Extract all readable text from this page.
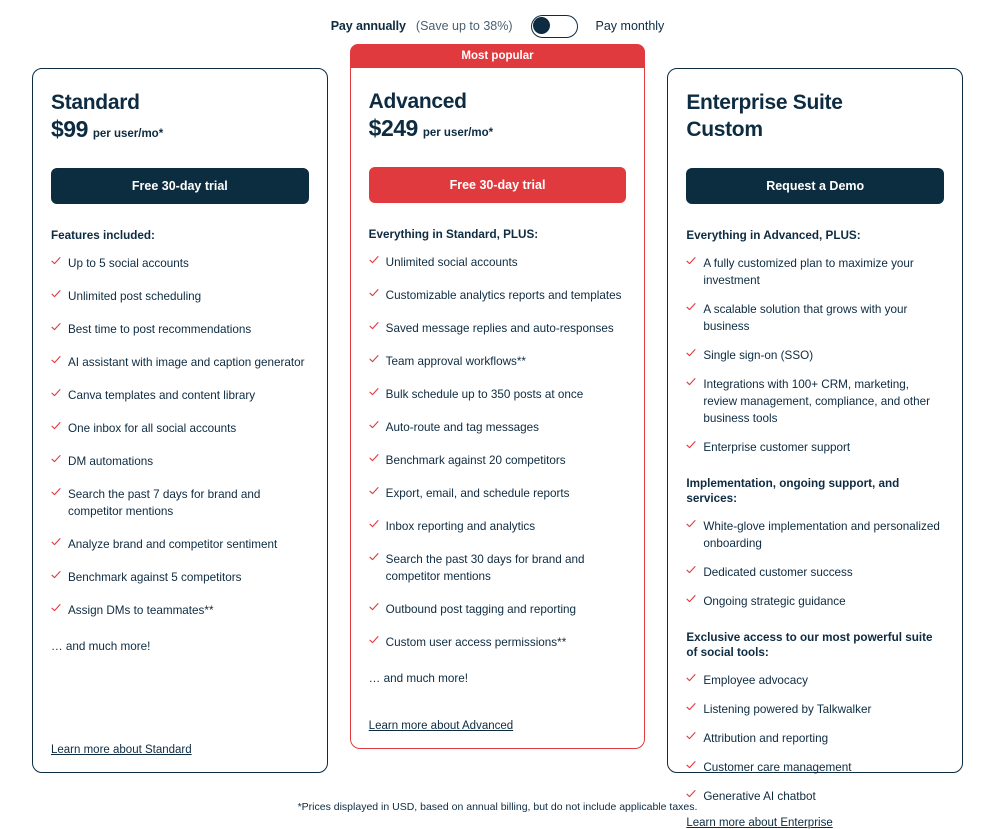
Pay annually (Save up to 38%)	Pay monthly
Standard
$99 per user/mo*
Free 30-day trial

Features included:

Up to 5 social accounts
Unlimited post scheduling
Best time to post recommendations
AI assistant with image and caption generator
Canva templates and content library
One inbox for all social accounts
DM automations
Search the past 7 days for brand and competitor mentions
Analyze brand and competitor sentiment
Benchmark against 5 competitors
Assign DMs to teammates**

… and much more!

Learn more about Standard
Most popular
Advanced
$249 per user/mo*
Free 30-day trial

Everything in Standard, PLUS:

Unlimited social accounts
Customizable analytics reports and templates
Saved message replies and auto-responses
Team approval workflows**
Bulk schedule up to 350 posts at once
Auto-route and tag messages
Benchmark against 20 competitors
Export, email, and schedule reports
Inbox reporting and analytics
Search the past 30 days for brand and competitor mentions
Outbound post tagging and reporting
Custom user access permissions**

… and much more!

Learn more about Advanced
Enterprise Suite
Custom
Request a Demo

Everything in Advanced, PLUS:

A fully customized plan to maximize your investment
A scalable solution that grows with your business
Single sign-on (SSO)
Integrations with 100+ CRM, marketing, review management, compliance, and other business tools
Enterprise customer support

Implementation, ongoing support, and services:

White-glove implementation and personalized onboarding
Dedicated customer success
Ongoing strategic guidance

Exclusive access to our most powerful suite of social tools:

Employee advocacy
Listening powered by Talkwalker
Attribution and reporting
Customer care management
Generative AI chatbot
Learn more about Enterprise
*Prices displayed in USD, based on annual billing, but do not include applicable taxes.
